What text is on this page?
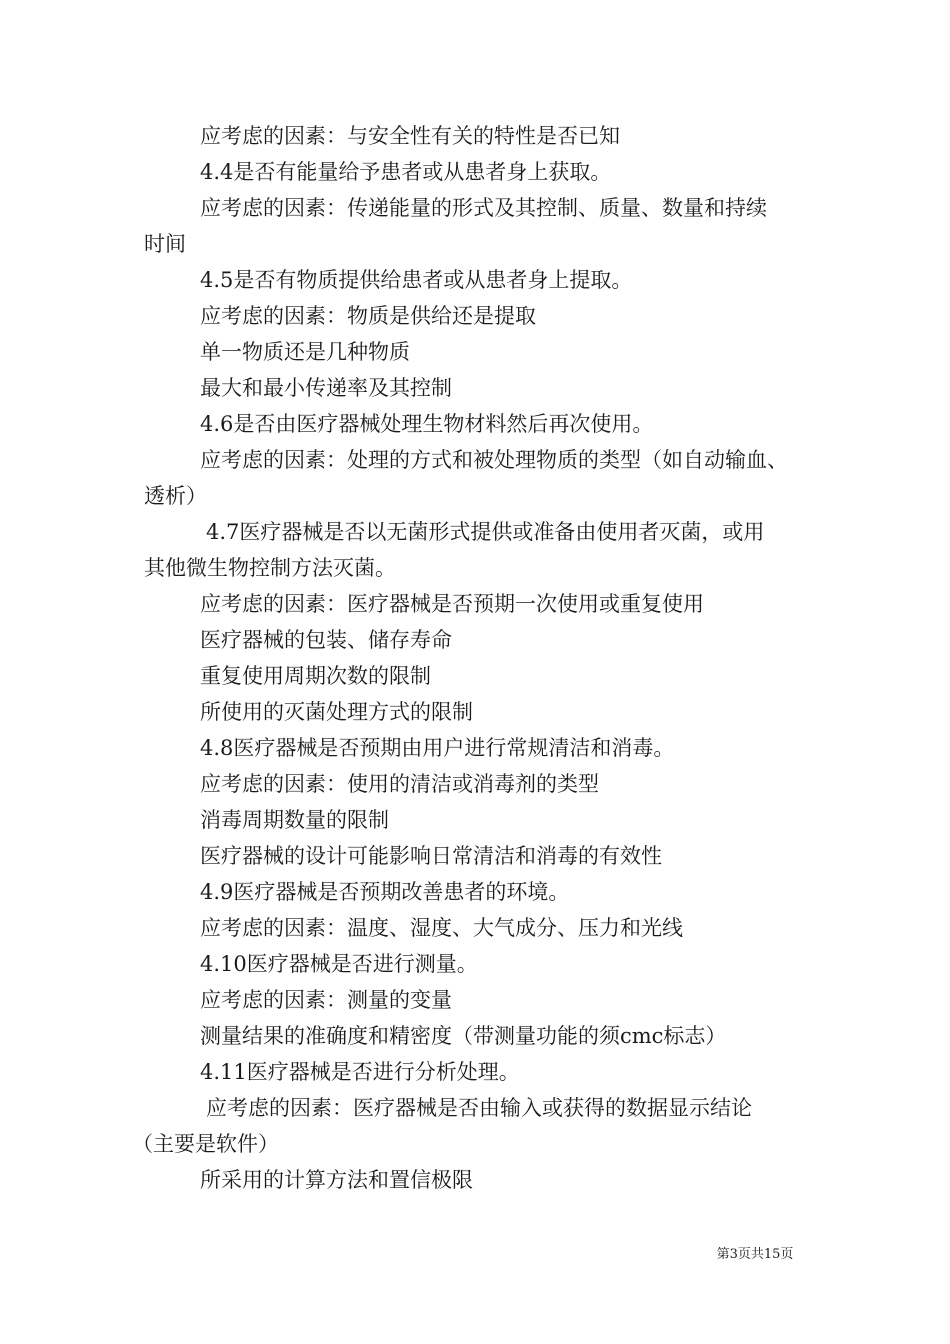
应考虑的因素：与安全性有关的特性是否已知
4.4是否有能量给予患者或从患者身上获取。
应考虑的因素：传递能量的形式及其控制、质量、数量和持续
时间
4.5是否有物质提供给患者或从患者身上提取。
应考虑的因素：物质是供给还是提取
单一物质还是几种物质
最大和最小传递率及其控制
4.6是否由医疗器械处理生物材料然后再次使用。
应考虑的因素：处理的方式和被处理物质的类型（如自动输血、
透析）
4.7医疗器械是否以无菌形式提供或准备由使用者灭菌，或用
其他微生物控制方法灭菌。
应考虑的因素：医疗器械是否预期一次使用或重复使用
医疗器械的包装、储存寿命
重复使用周期次数的限制
所使用的灭菌处理方式的限制
4.8医疗器械是否预期由用户进行常规清洁和消毒。
应考虑的因素：使用的清洁或消毒剂的类型
消毒周期数量的限制
医疗器械的设计可能影响日常清洁和消毒的有效性
4.9医疗器械是否预期改善患者的环境。
应考虑的因素：温度、湿度、大气成分、压力和光线
4.10医疗器械是否进行测量。
应考虑的因素：测量的变量
测量结果的准确度和精密度（带测量功能的须cmc标志）
4.11医疗器械是否进行分析处理。
应考虑的因素：医疗器械是否由输入或获得的数据显示结论
（主要是软件）
所采用的计算方法和置信极限
第3页共15页
